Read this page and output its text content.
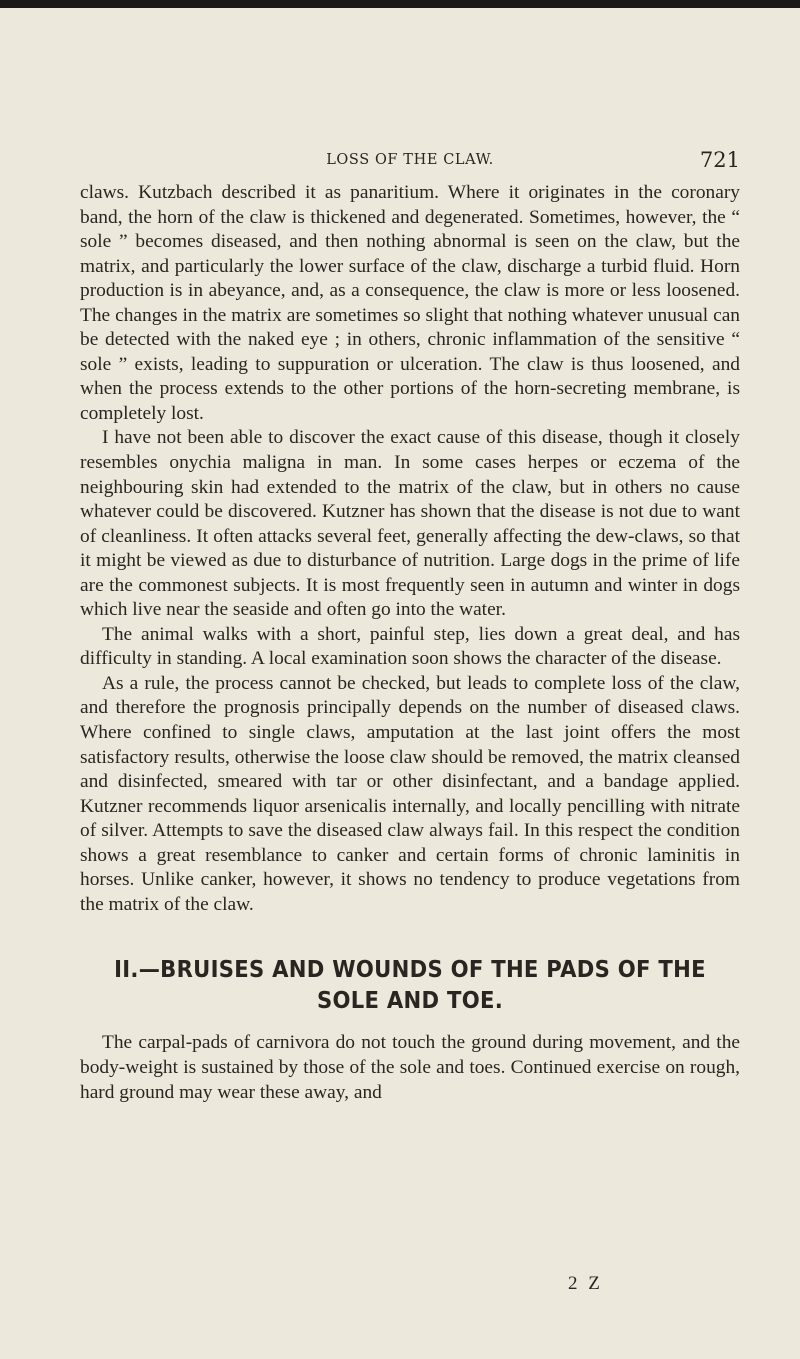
LOSS OF THE CLAW.	721

claws. Kutzbach described it as panaritium. Where it originates in the coronary band, the horn of the claw is thickened and degenerated. Sometimes, however, the “ sole ” becomes diseased, and then nothing abnormal is seen on the claw, but the matrix, and particularly the lower surface of the claw, discharge a turbid fluid. Horn production is in abeyance, and, as a consequence, the claw is more or less loosened. The changes in the matrix are sometimes so slight that nothing whatever unusual can be detected with the naked eye ; in others, chronic inflammation of the sensitive “ sole ” exists, leading to suppuration or ulceration. The claw is thus loosened, and when the process extends to the other portions of the horn-secreting membrane, is completely lost.

I have not been able to discover the exact cause of this disease, though it closely resembles onychia maligna in man. In some cases herpes or eczema of the neighbouring skin had extended to the matrix of the claw, but in others no cause whatever could be discovered. Kutzner has shown that the disease is not due to want of cleanliness. It often attacks several feet, generally affecting the dew-claws, so that it might be viewed as due to disturbance of nutrition. Large dogs in the prime of life are the commonest subjects. It is most frequently seen in autumn and winter in dogs which live near the seaside and often go into the water.

The animal walks with a short, painful step, lies down a great deal, and has difficulty in standing. A local examination soon shows the character of the disease.

As a rule, the process cannot be checked, but leads to complete loss of the claw, and therefore the prognosis principally depends on the number of diseased claws. Where confined to single claws, amputation at the last joint offers the most satisfactory results, otherwise the loose claw should be removed, the matrix cleansed and disinfected, smeared with tar or other disinfectant, and a bandage applied. Kutzner recommends liquor arsenicalis internally, and locally pencilling with nitrate of silver. Attempts to save the diseased claw always fail. In this respect the condition shows a great resemblance to canker and certain forms of chronic laminitis in horses. Unlike canker, however, it shows no tendency to produce vegetations from the matrix of the claw.

II.—BRUISES AND WOUNDS OF THE PADS OF THE
SOLE AND TOE.

The carpal-pads of carnivora do not touch the ground during movement, and the body-weight is sustained by those of the sole and toes. Continued exercise on rough, hard ground may wear these away, and

2 Z
